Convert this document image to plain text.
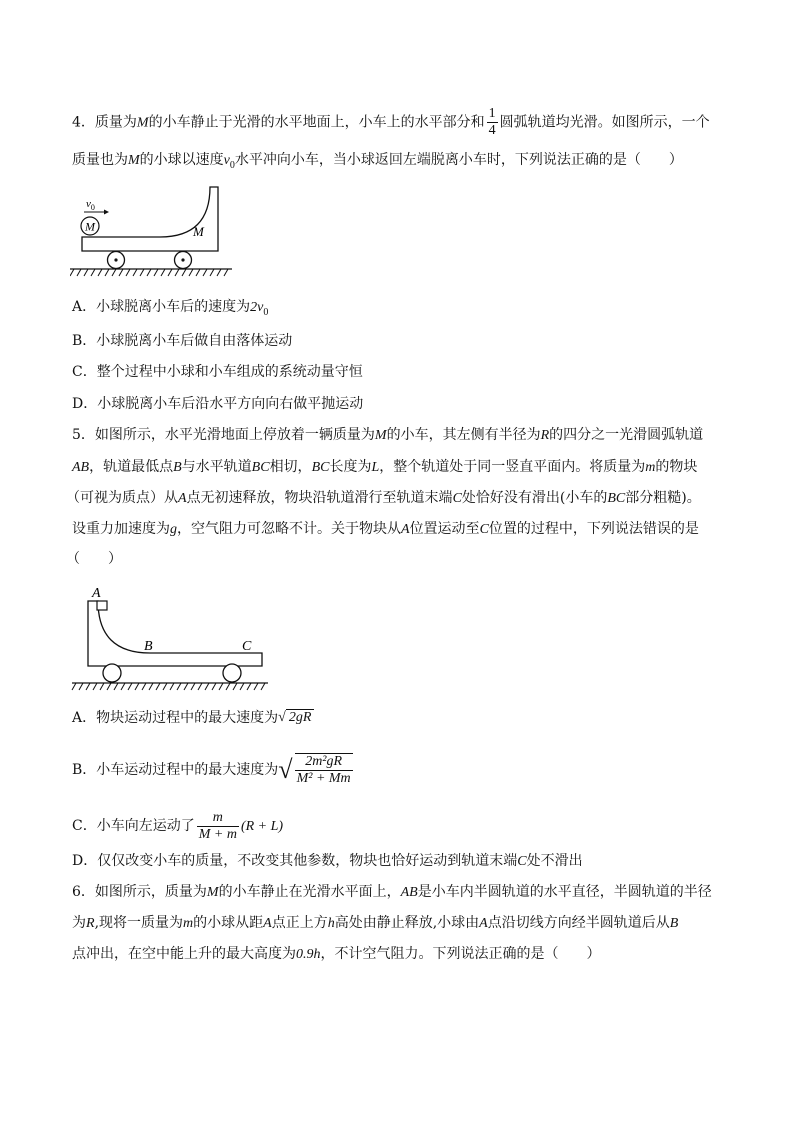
4．质量为M的小车静止于光滑的水平地面上，小车上的水平部分和 $\frac{1}{4}$ 圆弧轨道均光滑。如图所示，一个
质量也为M的小球以速度$v_0$水平冲向小车，当小球返回左端脱离小车时，下列说法正确的是（　　）
M
$v_0$
M
A．小球脱离小车后的速度为$2v_0$
B．小球脱离小车后做自由落体运动
C．整个过程中小球和小车组成的系统动量守恒
D．小球脱离小车后沿水平方向向右做平抛运动
5．如图所示，水平光滑地面上停放着一辆质量为M的小车，其左侧有半径为R的四分之一光滑圆弧轨道
AB，轨道最低点B与水平轨道BC相切，BC长度为L，整个轨道处于同一竖直平面内。将质量为m的物块
（可视为质点）从A点无初速释放，物块沿轨道滑行至轨道末端C处恰好没有滑出(小车的BC部分粗糙)。
设重力加速度为g，空气阻力可忽略不计。关于物块从A位置运动至C位置的过程中，下列说法错误的是
（　　）
A
B	C
A．物块运动过程中的最大速度为√ 2gR
B．小车运动过程中的最大速度为√ $\frac{\text{2m²gR}}{\text{M² + Mm}}$
C．小车向左运动了 $\frac{m}{M + m} (R + L)$
D．仅仅改变小车的质量，不改变其他参数，物块也恰好运动到轨道末端C处不滑出
6．如图所示，质量为M的小车静止在光滑水平面上，AB是小车内半圆轨道的水平直径，半圆轨道的半径
为R,现将一质量为m的小球从距A点正上方h高处由静止释放,小球由A点沿切线方向经半圆轨道后从B
点冲出，在空中能上升的最大高度为0.9h，不计空气阻力。下列说法正确的是（　　）
